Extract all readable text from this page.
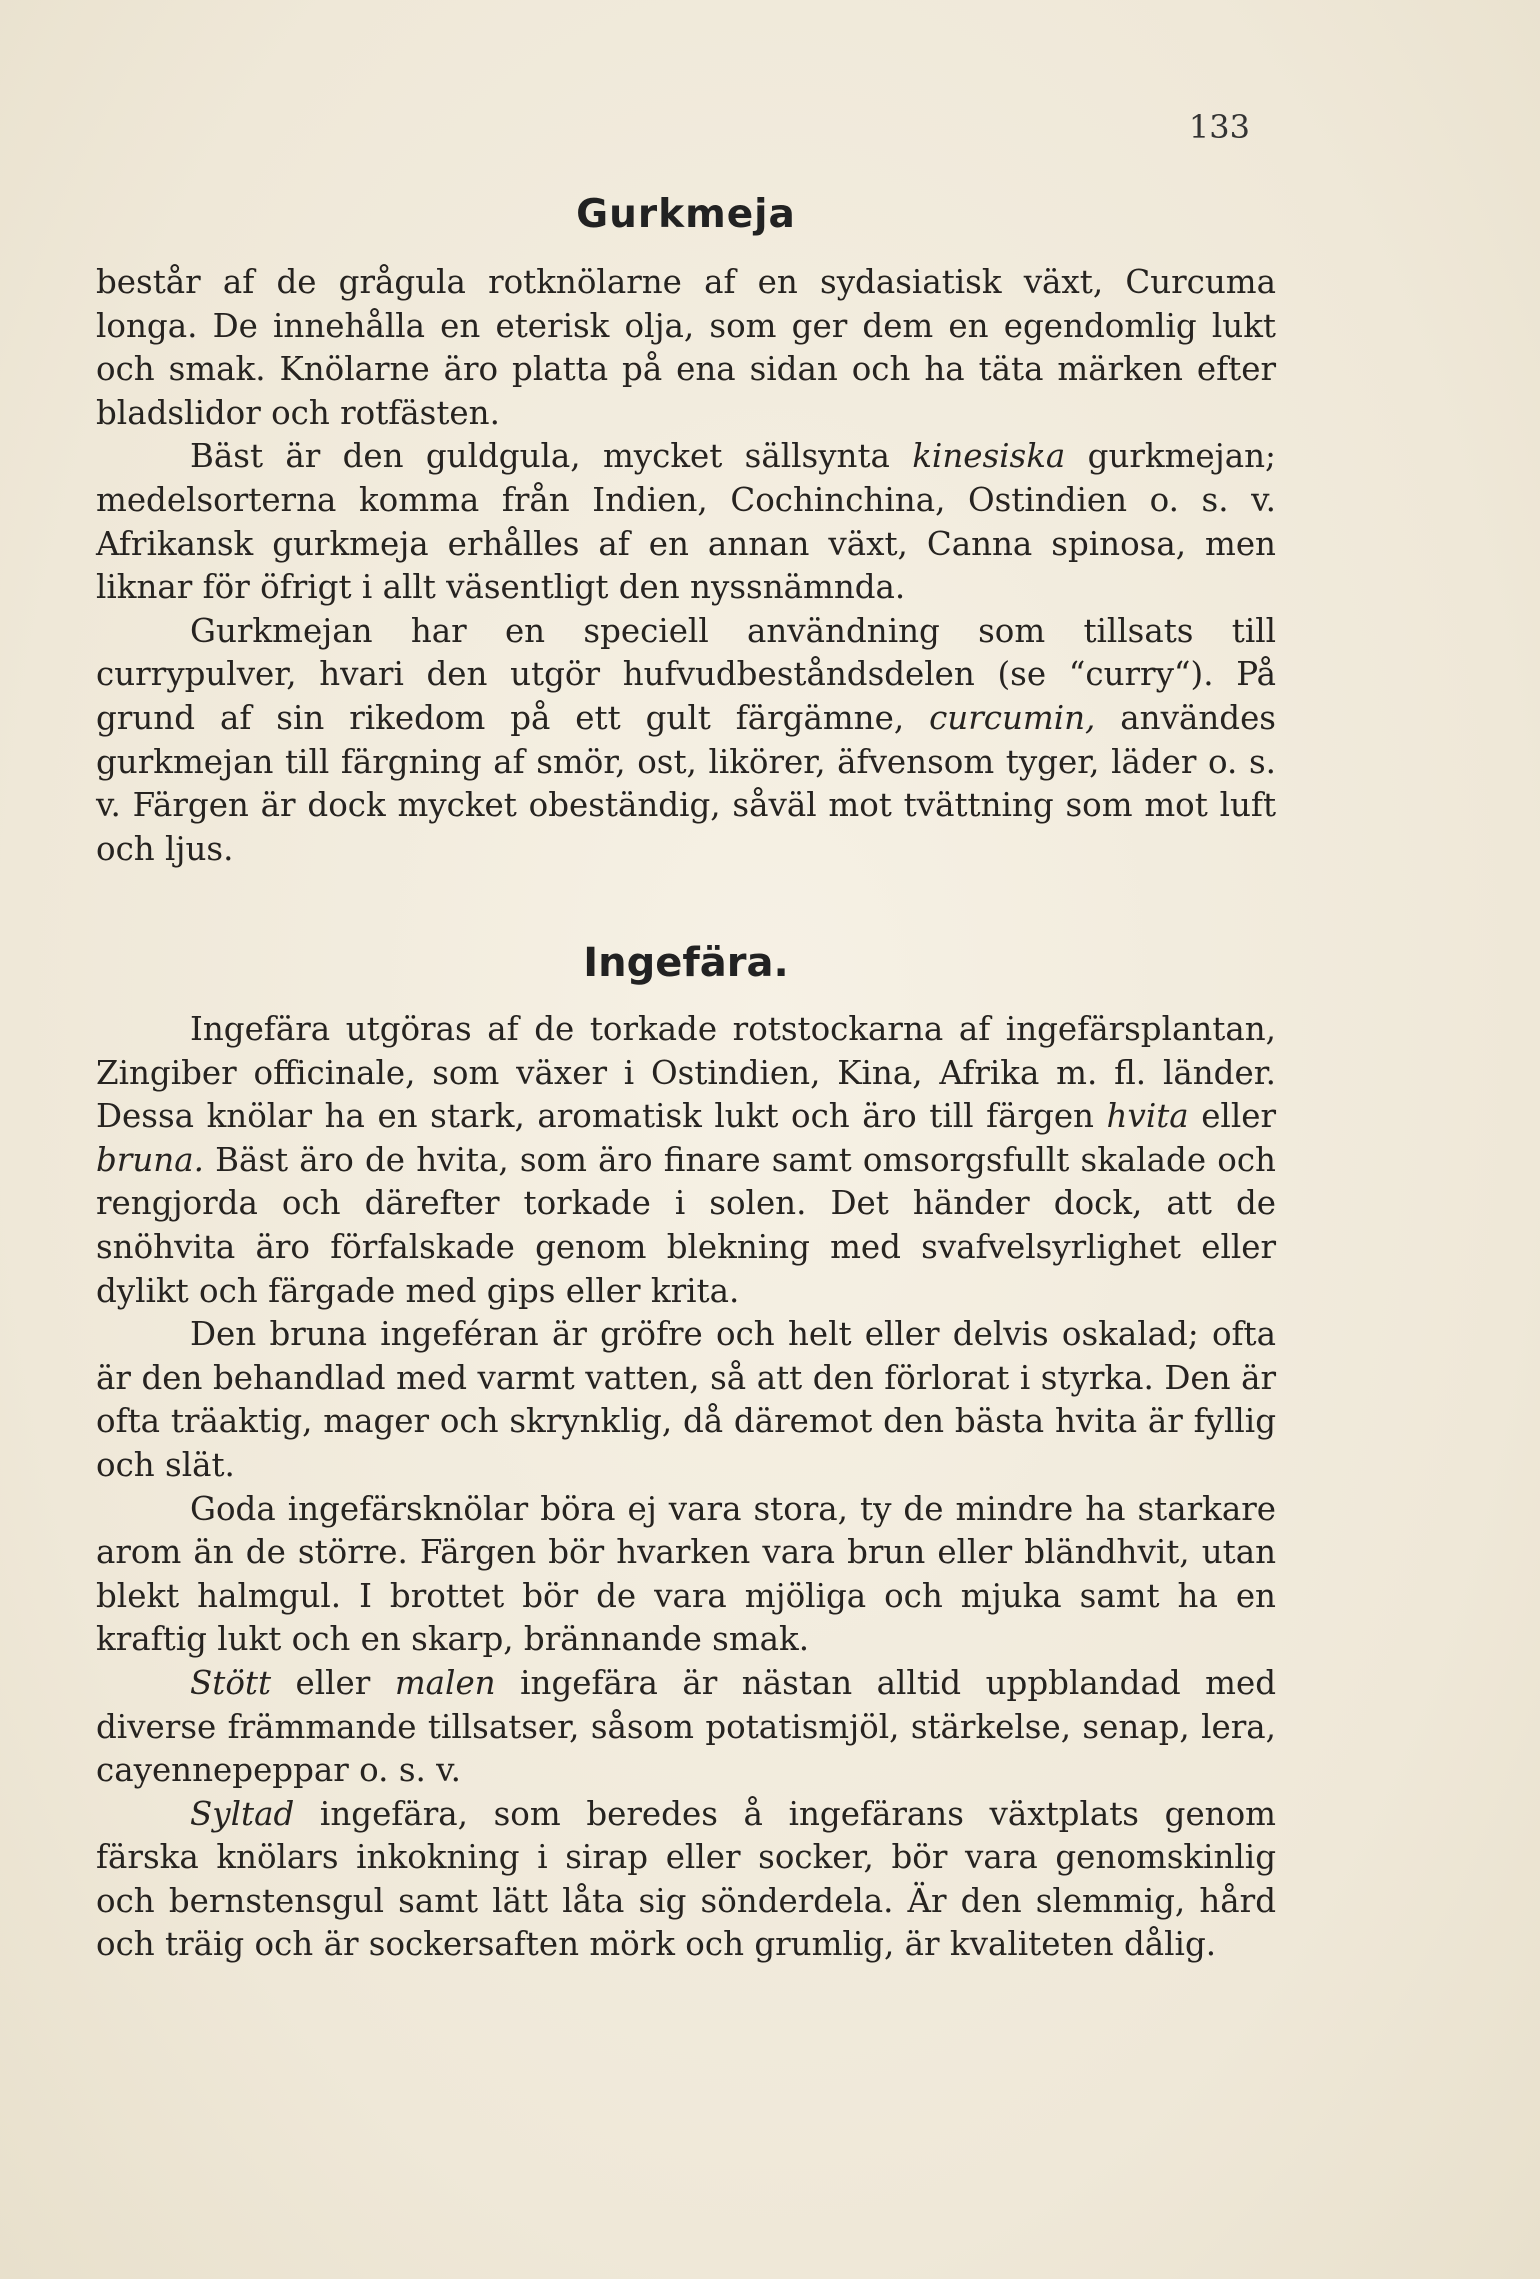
133
Gurkmeja

består af de grågula rotknölarne af en sydasiatisk växt, Curcuma longa. De innehålla en eterisk olja, som ger dem en egendomlig lukt och smak. Knölarne äro platta på ena sidan och ha täta märken efter bladslidor och rotfästen.

Bäst är den guldgula, mycket sällsynta kinesiska gurkmejan; medelsorterna komma från Indien, Cochinchina, Ostindien o. s. v. Afrikansk gurkmeja erhålles af en annan växt, Canna spinosa, men liknar för öfrigt i allt väsentligt den nyssnämnda.

Gurkmejan har en speciell användning som tillsats till currypulver, hvari den utgör hufvudbeståndsdelen (se “curry“). På grund af sin rikedom på ett gult färgämne, curcumin, användes gurkmejan till färgning af smör, ost, likörer, äfvensom tyger, läder o. s. v. Färgen är dock mycket obeständig, såväl mot tvättning som mot luft och ljus.

Ingefära.

Ingefära utgöras af de torkade rotstockarna af ingefärsplantan, Zingiber officinale, som växer i Ostindien, Kina, Afrika m. fl. länder. Dessa knölar ha en stark, aromatisk lukt och äro till färgen hvita eller bruna. Bäst äro de hvita, som äro finare samt omsorgsfullt skalade och rengjorda och därefter torkade i solen. Det händer dock, att de snöhvita äro förfalskade genom blekning med svafvelsyrlighet eller dylikt och färgade med gips eller krita.

Den bruna ingeféran är gröfre och helt eller delvis oskalad; ofta är den behandlad med varmt vatten, så att den förlorat i styrka. Den är ofta träaktig, mager och skrynklig, då däremot den bästa hvita är fyllig och slät.

Goda ingefärsknölar böra ej vara stora, ty de mindre ha starkare arom än de större. Färgen bör hvarken vara brun eller bländhvit, utan blekt halmgul. I brottet bör de vara mjöliga och mjuka samt ha en kraftig lukt och en skarp, brännande smak.

Stött eller malen ingefära är nästan alltid uppblandad med diverse främmande tillsatser, såsom potatismjöl, stärkelse, senap, lera, cayennepeppar o. s. v.

Syltad ingefära, som beredes å ingefärans växtplats genom färska knölars inkokning i sirap eller socker, bör vara genomskinlig och bernstensgul samt lätt låta sig sönderdela. Är den slemmig, hård och träig och är sockersaften mörk och grumlig, är kvaliteten dålig.
